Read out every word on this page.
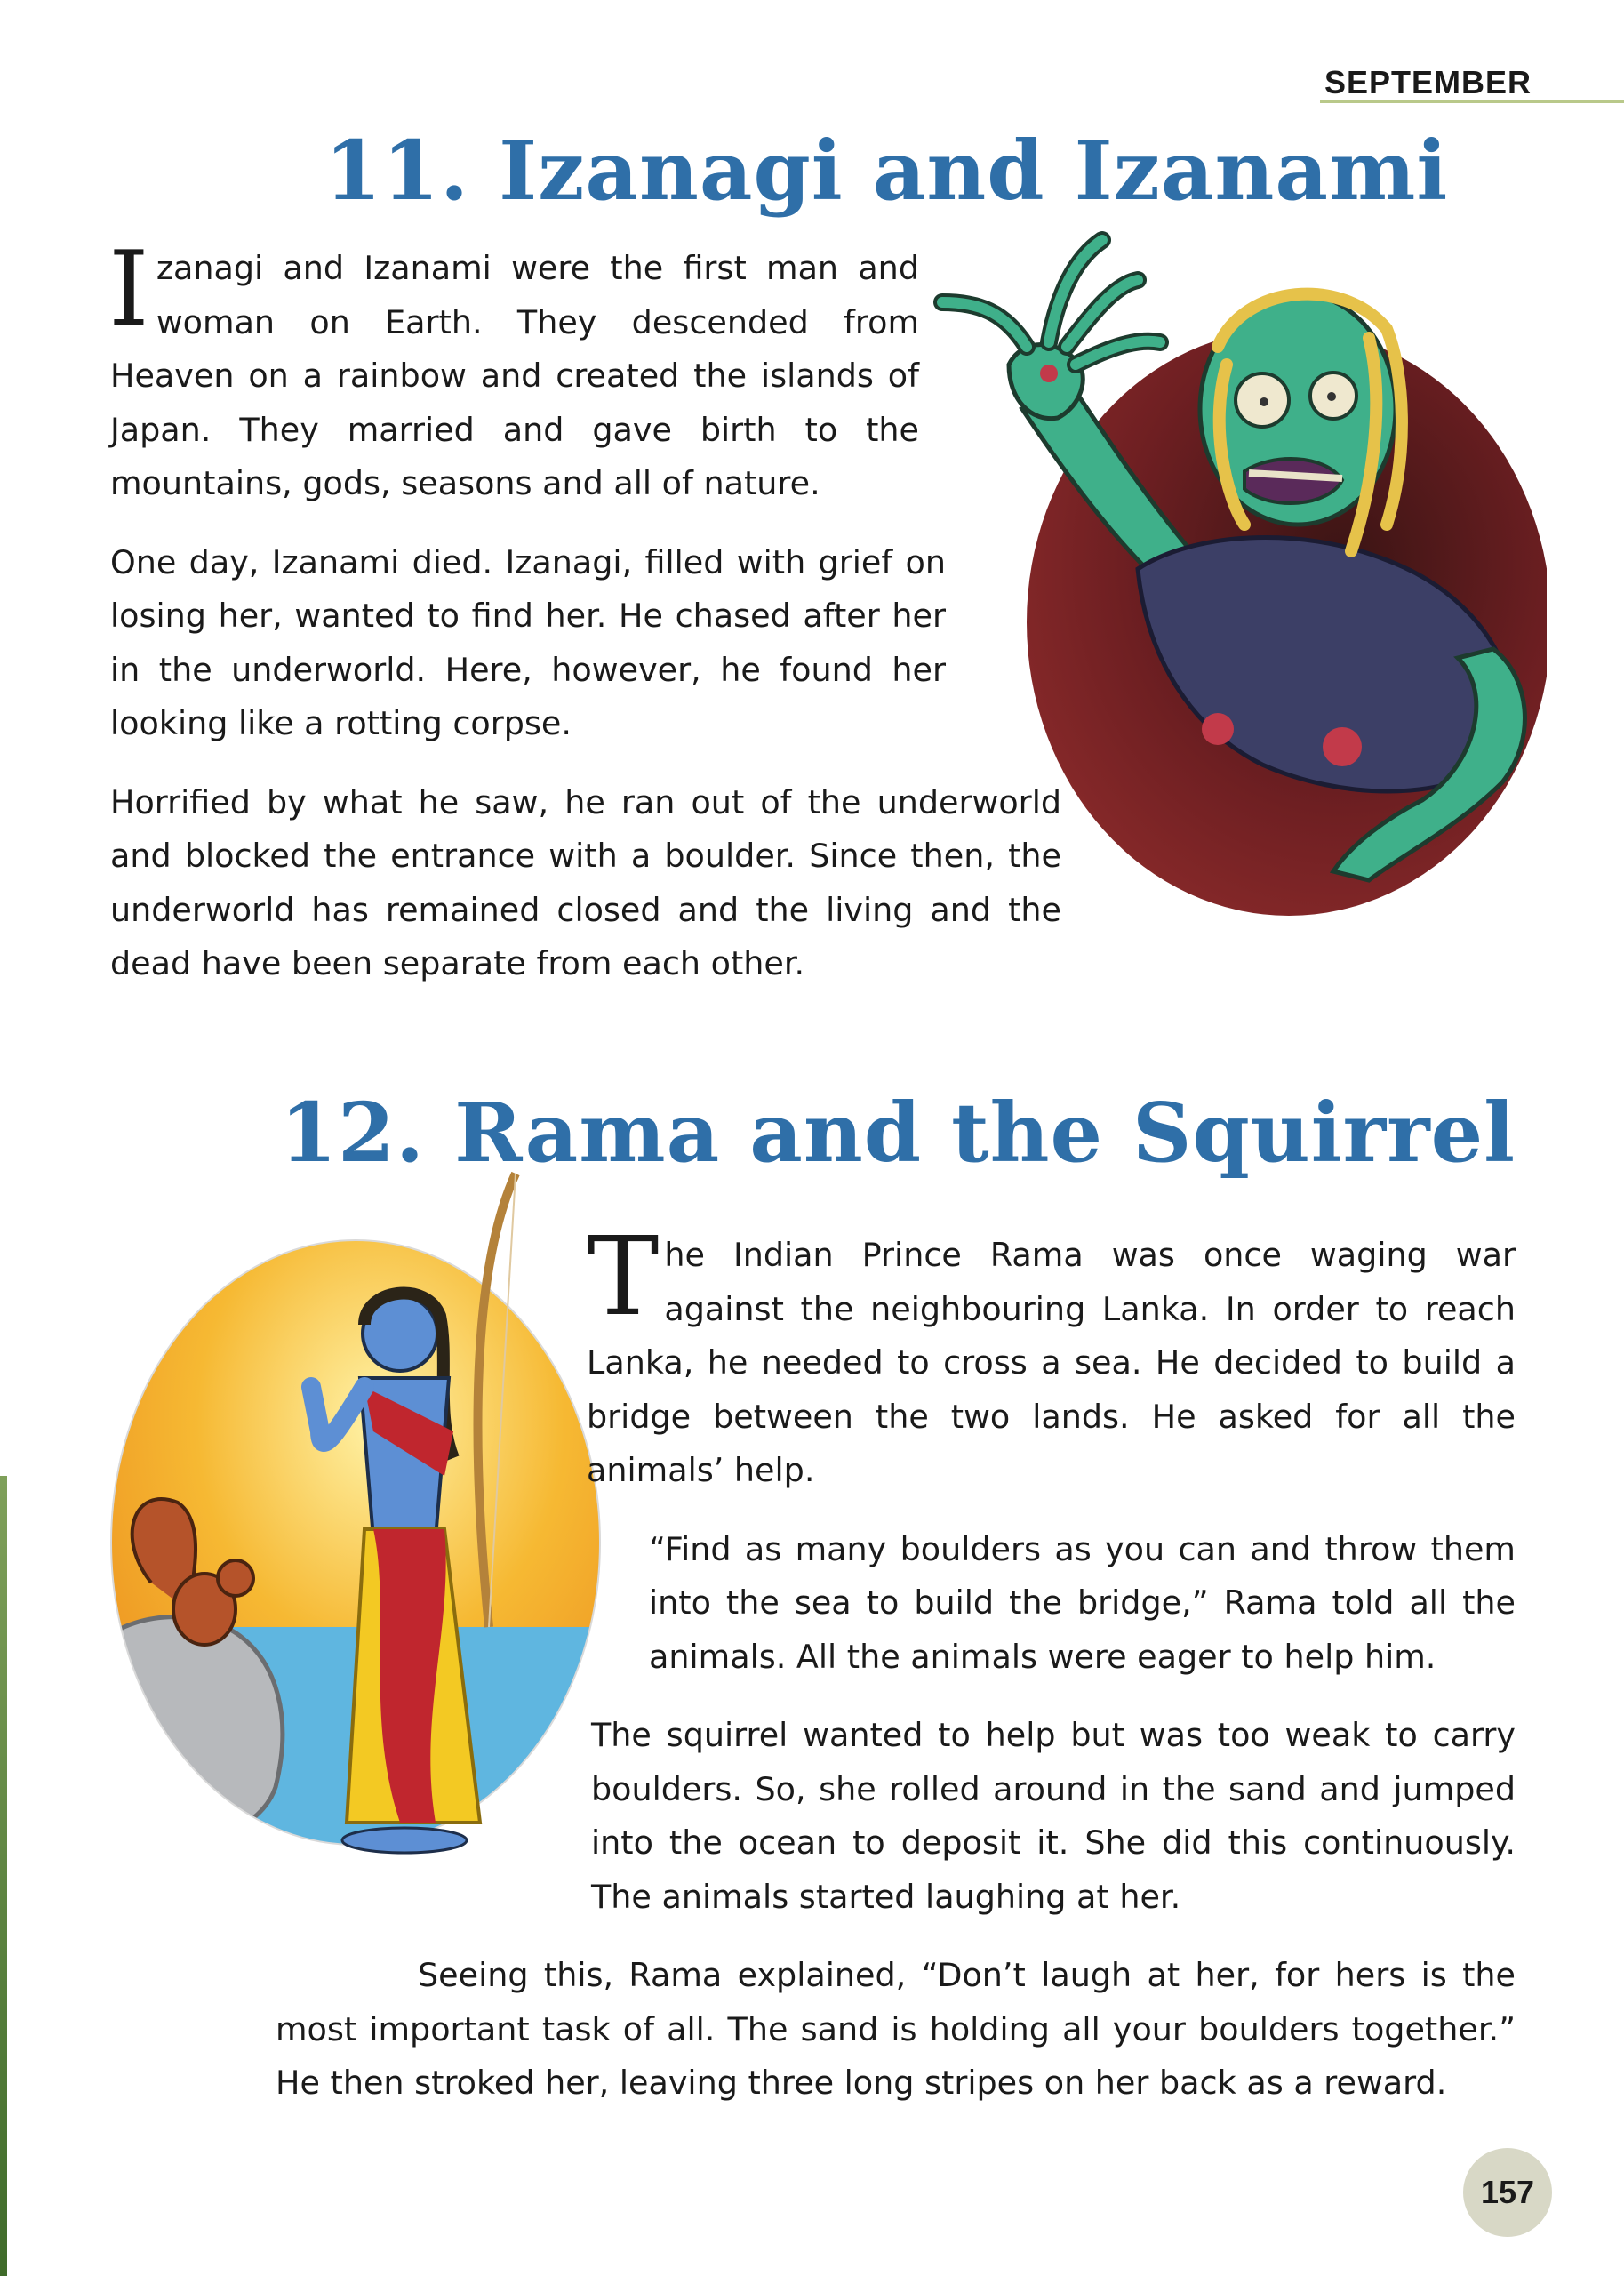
SEPTEMBER
11. Izanagi and Izanami

Izanagi and Izanami were the first man and woman on Earth. They descended from Heaven on a rainbow and created the islands of Japan. They married and gave birth to the mountains, gods, seasons and all of nature.

One day, Izanami died. Izanagi, filled with grief on losing her, wanted to find her. He chased after her in the underworld. Here, however, he found her looking like a rotting corpse.

Horrified by what he saw, he ran out of the underworld and blocked the entrance with a boulder. Since then, the underworld has remained closed and the living and the dead have been separate from each other.

12. Rama and the Squirrel

The Indian Prince Rama was once waging war against the neighbouring Lanka. In order to reach Lanka, he needed to cross a sea. He decided to build a bridge between the two lands. He asked for all the animals’ help.

“Find as many boulders as you can and throw them into the sea to build the bridge,” Rama told all the animals. All the animals were eager to help him.

The squirrel wanted to help but was too weak to carry boulders. So, she rolled around in the sand and jumped into the ocean to deposit it. She did this continuously. The animals started laughing at her.

Seeing this, Rama explained, “Don’t laugh at her, for hers is the most important task of all. The sand is holding all your boulders together.” He then stroked her, leaving three long stripes on her back as a reward.

157
